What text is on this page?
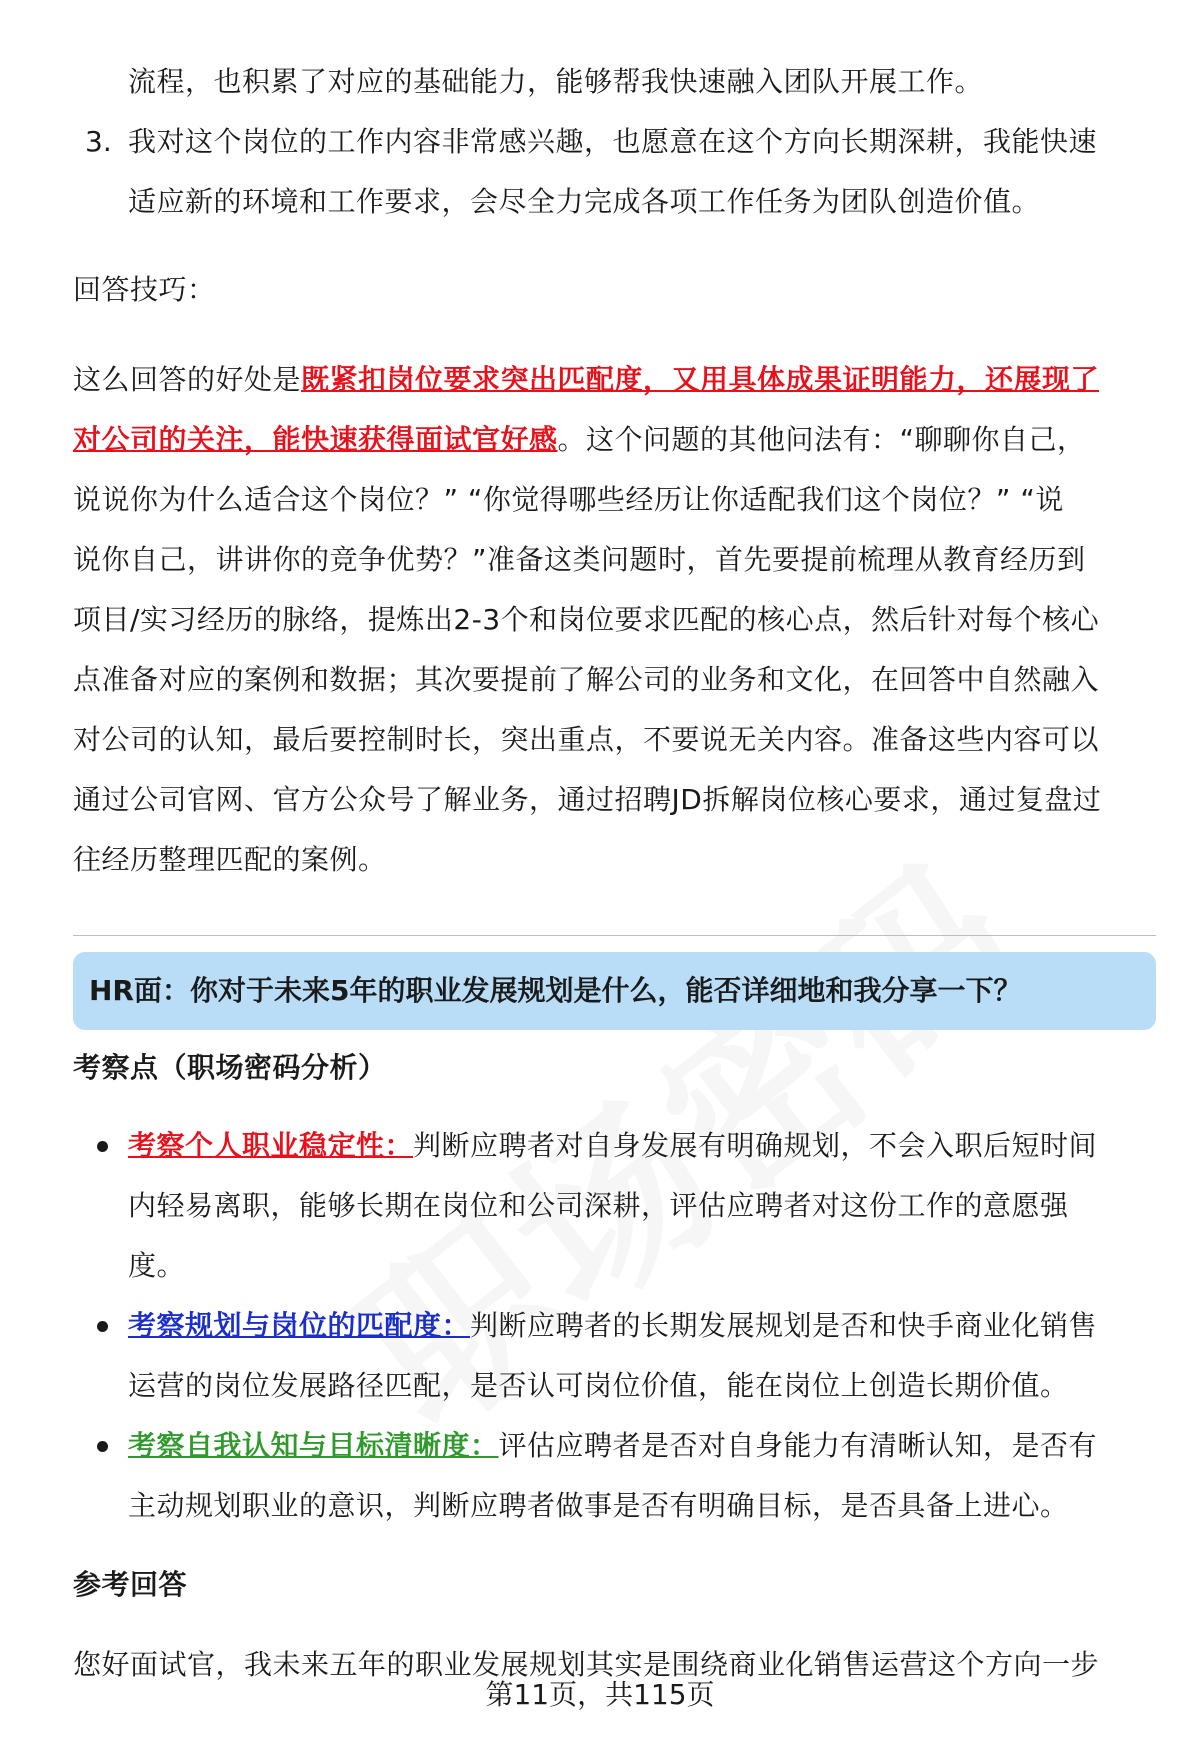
流程，也积累了对应的基础能力，能够帮我快速融入团队开展工作。
3. 我对这个岗位的工作内容非常感兴趣，也愿意在这个方向长期深耕，我能快速
适应新的环境和工作要求，会尽全力完成各项工作任务为团队创造价值。
回答技巧：
这么回答的好处是既紧扣岗位要求突出匹配度，又用具体成果证明能力，还展现了
对公司的关注，能快速获得面试官好感。这个问题的其他问法有：“聊聊你自己，
说说你为什么适合这个岗位？” “你觉得哪些经历让你适配我们这个岗位？” “说
说你自己，讲讲你的竞争优势？”准备这类问题时，首先要提前梳理从教育经历到
项目/实习经历的脉络，提炼出2-3个和岗位要求匹配的核心点，然后针对每个核心
点准备对应的案例和数据；其次要提前了解公司的业务和文化，在回答中自然融入
对公司的认知，最后要控制时长，突出重点，不要说无关内容。准备这些内容可以
通过公司官网、官方公众号了解业务，通过招聘JD拆解岗位核心要求，通过复盘过
往经历整理匹配的案例。
HR面：你对于未来5年的职业发展规划是什么，能否详细地和我分享一下？
考察点（职场密码分析）
考察个人职业稳定性：判断应聘者对自身发展有明确规划，不会入职后短时间
内轻易离职，能够长期在岗位和公司深耕，评估应聘者对这份工作的意愿强
度。
考察规划与岗位的匹配度：判断应聘者的长期发展规划是否和快手商业化销售
运营的岗位发展路径匹配，是否认可岗位价值，能在岗位上创造长期价值。
考察自我认知与目标清晰度：评估应聘者是否对自身能力有清晰认知，是否有
主动规划职业的意识，判断应聘者做事是否有明确目标，是否具备上进心。
参考回答
您好面试官，我未来五年的职业发展规划其实是围绕商业化销售运营这个方向一步
第11页，共115页
